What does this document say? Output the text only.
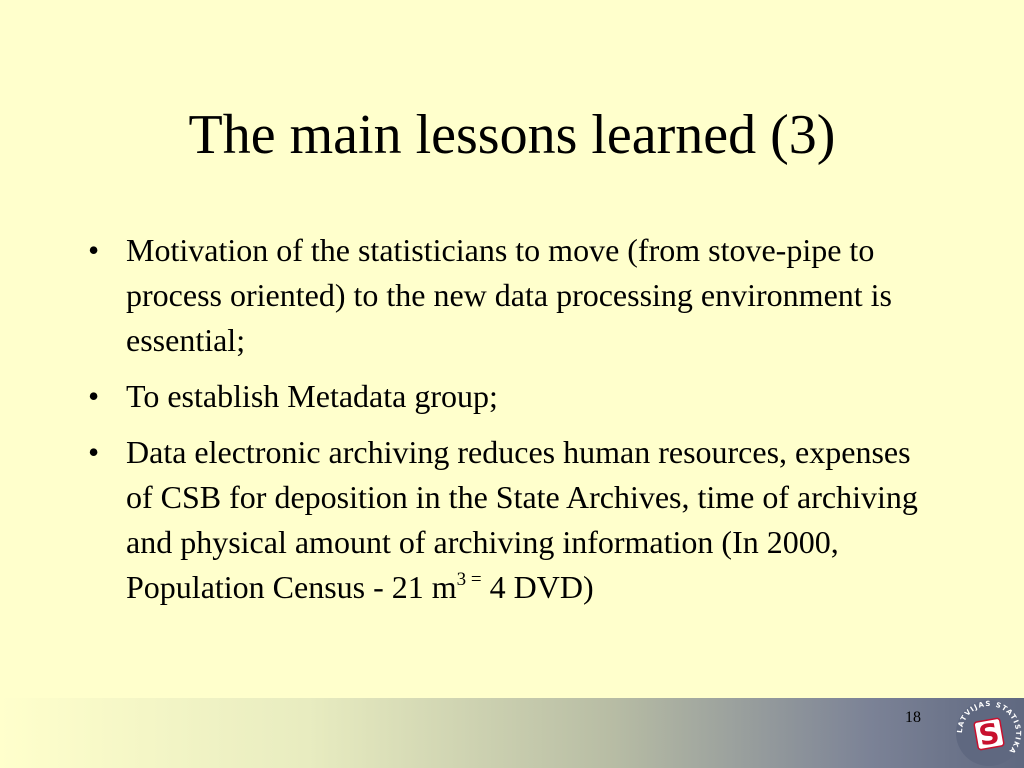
The main lessons learned (3)
• Motivation of the statisticians to move (from stove-pipe to process oriented) to the new data processing environment is essential;
• To establish Metadata group;
• Data electronic archiving reduces human resources, expenses of CSB for deposition in the State Archives, time of archiving and physical amount of archiving information (In 2000, Population Census - 21 $m^{3 =}$ 4 DVD)
18
LATVIJAS STATISTIKA
S
